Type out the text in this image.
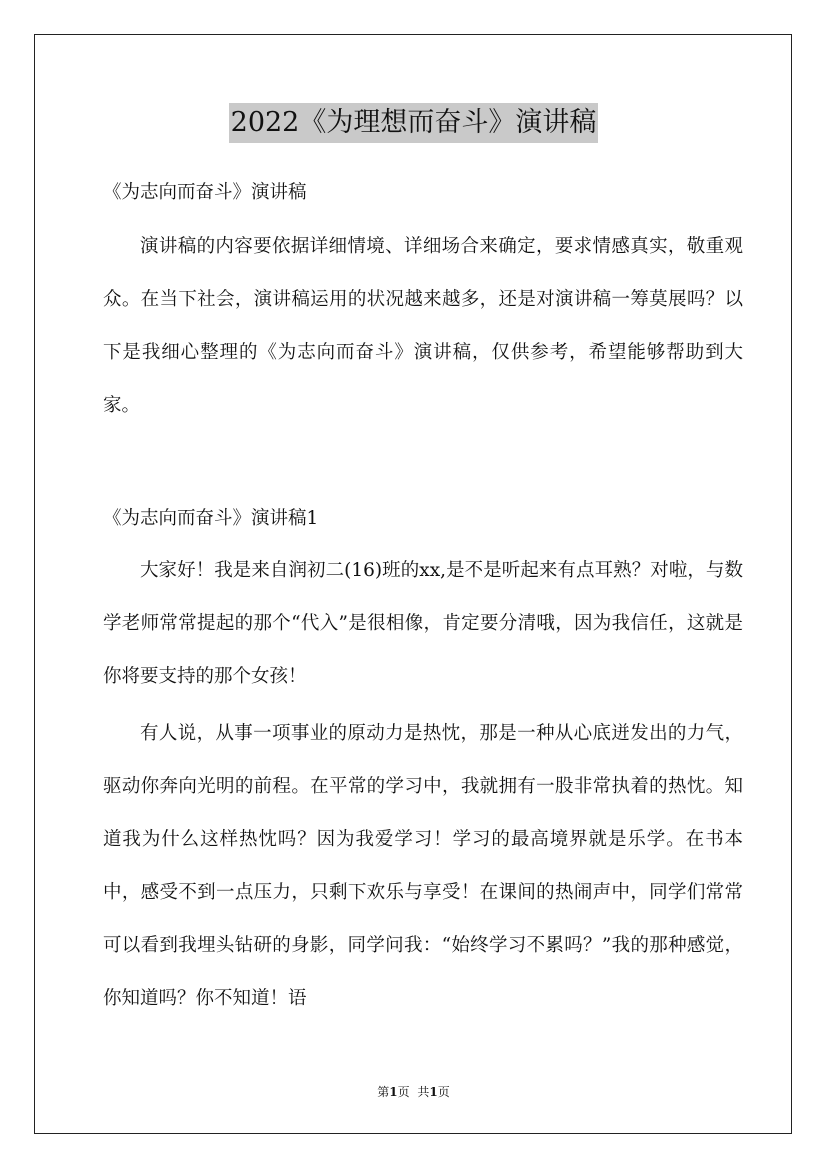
2022《为理想而奋斗》演讲稿

《为志向而奋斗》演讲稿

演讲稿的内容要依据详细情境、详细场合来确定，要求情感真实，敬重观众。在当下社会，演讲稿运用的状况越来越多，还是对演讲稿一筹莫展吗？以下是我细心整理的《为志向而奋斗》演讲稿，仅供参考，希望能够帮助到大家。

《为志向而奋斗》演讲稿1

大家好！我是来自润初二(16)班的xx,是不是听起来有点耳熟？对啦，与数学老师常常提起的那个“代入”是很相像，肯定要分清哦，因为我信任，这就是你将要支持的那个女孩！

有人说，从事一项事业的原动力是热忱，那是一种从心底迸发出的力气，驱动你奔向光明的前程。在平常的学习中，我就拥有一股非常执着的热忱。知道我为什么这样热忱吗？因为我爱学习！学习的最高境界就是乐学。在书本中，感受不到一点压力，只剩下欢乐与享受！在课间的热闹声中，同学们常常可以看到我埋头钻研的身影，同学问我：“始终学习不累吗？”我的那种感觉，你知道吗？你不知道！语

第1页 共1页
